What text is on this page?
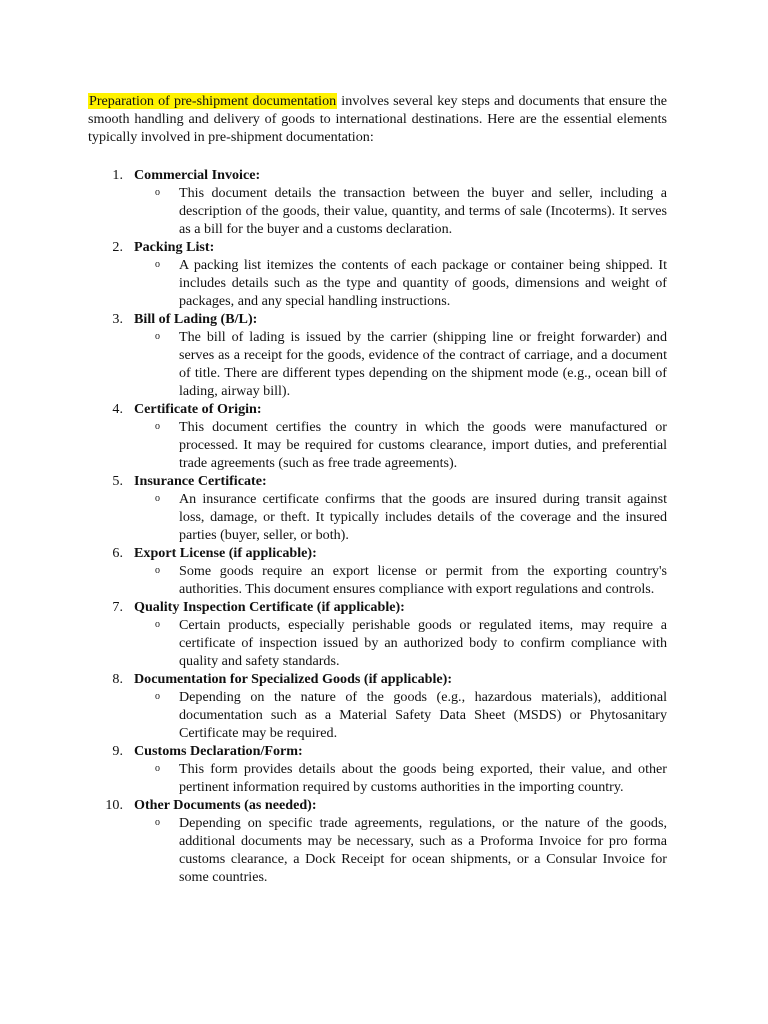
Preparation of pre-shipment documentation involves several key steps and documents that ensure the smooth handling and delivery of goods to international destinations. Here are the essential elements typically involved in pre-shipment documentation:

1. Commercial Invoice:

o This document details the transaction between the buyer and seller, including a description of the goods, their value, quantity, and terms of sale (Incoterms). It serves as a bill for the buyer and a customs declaration.

2. Packing List:

o A packing list itemizes the contents of each package or container being shipped. It includes details such as the type and quantity of goods, dimensions and weight of packages, and any special handling instructions.

3. Bill of Lading (B/L):

o The bill of lading is issued by the carrier (shipping line or freight forwarder) and serves as a receipt for the goods, evidence of the contract of carriage, and a document of title. There are different types depending on the shipment mode (e.g., ocean bill of lading, airway bill).

4. Certificate of Origin:

o This document certifies the country in which the goods were manufactured or processed. It may be required for customs clearance, import duties, and preferential trade agreements (such as free trade agreements).

5. Insurance Certificate:

o An insurance certificate confirms that the goods are insured during transit against loss, damage, or theft. It typically includes details of the coverage and the insured parties (buyer, seller, or both).

6. Export License (if applicable):

o Some goods require an export license or permit from the exporting country's authorities. This document ensures compliance with export regulations and controls.

7. Quality Inspection Certificate (if applicable):

o Certain products, especially perishable goods or regulated items, may require a certificate of inspection issued by an authorized body to confirm compliance with quality and safety standards.

8. Documentation for Specialized Goods (if applicable):

o Depending on the nature of the goods (e.g., hazardous materials), additional documentation such as a Material Safety Data Sheet (MSDS) or Phytosanitary Certificate may be required.

9. Customs Declaration/Form:

o This form provides details about the goods being exported, their value, and other pertinent information required by customs authorities in the importing country.

10. Other Documents (as needed):

o Depending on specific trade agreements, regulations, or the nature of the goods, additional documents may be necessary, such as a Proforma Invoice for pro forma customs clearance, a Dock Receipt for ocean shipments, or a Consular Invoice for some countries.
